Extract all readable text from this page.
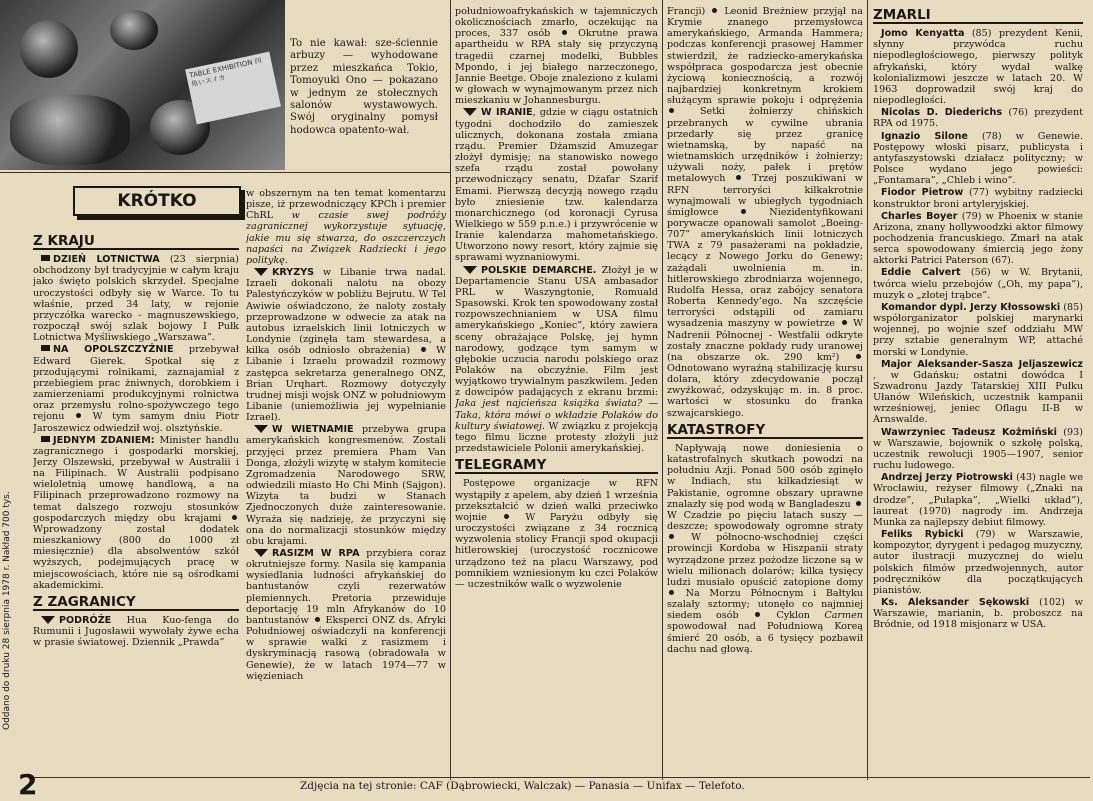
TABLE EXHIBITION 四角いスイカ
To nie kawał: sze-ściennie arbuzy — wyhodowane przez mieszkańca Tokio, Tomoyuki Ono — pokazano w jednym ze stołecznych salonów wystawowych. Swój oryginalny pomysł hodowca opatento-wał.
KRÓTKO
Z KRAJU

DZIEŃ LOTNICTWA (23 sierpnia) obchodzony był tradycyjnie w całym kraju jako święto polskich skrzydeł. Specjalne uroczystości odbyły się w Warce. To tu właśnie, przed 34 laty, w rejonie przyczółka warecko - magnuszewskiego, rozpoczął swój szlak bojowy I Pułk Lotnictwa Myśliwskiego „Warszawa”.

NA OPOLSZCZYŹNIE przebywał Edward Gierek. Spotkał się z przodującymi rolnikami, zaznajamiał z przebiegiem prac żniwnych, dorobkiem i zamierzeniami produkcyjnymi rolnictwa oraz przemysłu rolno-spożywczego tego rejonu	W tym samym dniu Piotr Jaroszewicz odwiedził woj. olsztyńskie.

JEDNYM ZDANIEM: Minister handlu zagranicznego i gospodarki morskiej, Jerzy Olszewski, przebywał w Australii i na Filipinach. W Australii podpisano wieloletnią umowę handlową, a na Filipinach przeprowadzono rozmowy na temat dalszego rozwoju stosunków gospodarczych między obu krajami  Wprowadzony został dodatek mieszkaniowy (800 do 1000 zł miesięcznie) dla absolwentów szkół wyższych, podejmujących pracę w miejscowościach, które nie są ośrodkami akademickimi.

Z ZAGRANICY

PODRÓŻE Hua Kuo-fenga do Rumunii i Jugosławii wywołały żywe echa w prasie światowej. Dziennik „Prawda”

w obszernym na ten temat komentarzu pisze, iż przewodniczący KPCh i premier ChRL w czasie swej podróży zagranicznej wykorzystuje sytuację, jakie mu się stwarza, do oszczerczych napaści na Związek Radziecki i jego politykę.

KRYZYS w Libanie trwa nadal. Izraeli dokonali nalotu na obozy Palestyńczyków w pobliżu Bejrutu. W Tel Awiwie oświadczono, że naloty zostały przeprowadzone w odwecie za atak na autobus izraelskich linii lotniczych w Londynie (zginęła tam stewardesa, a kilka osób odniosło obrażenia)	W Libanie i Izraelu prowadził rozmowy zastępca sekretarza generalnego ONZ, Brian Urqhart. Rozmowy dotyczyły trudnej misji wojsk ONZ w południowym Libanie (uniemożliwia jej wypełnianie Izrael).

W WIETNAMIE przebywa grupa amerykańskich kongresmenów. Zostali przyjęci przez premiera Pham Van Donga, złożyli wizytę w stałym komitecie Zgromadzenia Narodowego SRW, odwiedzili miasto Ho Chi Minh (Sajgon). Wizyta ta budzi w Stanach Zjednoczonych duże zainteresowanie. Wyraża się nadzieję, że przyczyni się ona do normalizacji stosunków między obu krajami.

RASIZM W RPA przybiera coraz okrutniejsze formy. Nasila się kampania wysiedlania ludności afrykańskiej do bantustanów czyli rezerwatów plemiennych. Pretoria przewiduje deportację 19 mln Afrykanów do 10 bantustanów Eksperci ONZ ds. Afryki Południowej oświadczyli na konferencji w sprawie walki z rasizmem i dyskryminacją rasową (obradowała w Genewie), że w latach 1974—77 w więzieniach

południowoafrykańskich w tajemniczych okolicznościach zmarło, oczekując na proces, 337 osób	Okrutne prawa apartheidu w RPA stały się przyczyną tragedii czarnej modelki, Bubbles Mpondo, i jej białego narzeczonego, Jannie Beetge. Oboje znaleziono z kulami w głowach w wynajmowanym przez nich mieszkaniu w Johannesburgu.

W IRANIE, gdzie w ciągu ostatnich tygodni dochodziło do zamieszek ulicznych, dokonana została zmiana rządu. Premier Dżamszid Amuzegar złożył dymisję; na stanowisko nowego szefa rządu został powołany przewodniczący senatu, Dżafar Szarif Emami. Pierwszą decyzją nowego rządu było zniesienie tzw. kalendarza monarchicznego (od koronacji Cyrusa Wielkiego w 559 p.n.e.) i przywrócenie w Iranie kalendarza mahometańskiego. Utworzono nowy resort, który zajmie się sprawami wyznaniowymi.

POLSKIE DEMARCHE. Złożył je w Departamencie Stanu USA ambasador PRL w Waszyngtonie, Romuald Spasowski. Krok ten spowodowany został rozpowszechnianiem w USA filmu amerykańskiego „Koniec”, który zawiera sceny obrażające Polskę, jej hymn narodowy, godzące tym samym w głębokie uczucia narodu polskiego oraz Polaków na obczyźnie. Film jest wyjątkowo trywialnym paszkwilem. Jeden z dowcipów padających z ekranu brzmi: Jaka jest najcieńsza książka świata? — Taka, która mówi o wkładzie Polaków do kultury światowej. W związku z projekcją tego filmu liczne protesty złożyli już przedstawiciele Polonii amerykańskiej.

TELEGRAMY

Postępowe organizacje w RFN wystąpiły z apelem, aby dzień 1 września przekształcić w dzień walki przeciwko wojnie	W Paryżu odbyły się uroczystości związane z 34 rocznicą wyzwolenia stolicy Francji spod okupacji hitlerowskiej (uroczystość rocznicowe urządzono też na placu Warszawy, pod pomnikiem wzniesionym ku czci Polaków — uczestników walk o wyzwolenie

Francji) Leonid Breżniew przyjął na Krymie znanego przemysłowca amerykańskiego, Armanda Hammera; podczas konferencji prasowej Hammer stwierdził, że radziecko-amerykańska współpraca gospodarcza jest obecnie życiową koniecznością, a rozwój najbardziej konkretnym krokiem służącym sprawie pokoju i odprężenia  Setki żołnierzy chińskich przebranych w cywilne ubrania przedarły się przez granicę wietnamską, by napaść na wietnamskich urzędników i żołnierzy; używali noży, pałek i prętów metalowych	Trzej poszukiwani w RFN terroryści kilkakrotnie wynajmowali w ubiegłych tygodniach śmigłowce	Niezidentyfikowani porywacze opanowali samolot „Boeing-707” amerykańskich linii lotniczych TWA z 79 pasażerami na pokładzie, lecący z Nowego Jorku do Genewy; zażądali uwolnienia m. in. hitlerowskiego zbrodniarza wojennego, Rudolfa Hessa, oraz zabójcy senatora Roberta Kennedy’ego. Na szczęście terroryści odstąpili od zamiaru wysadzenia maszyny w powietrze W Nadrenii Północnej - Westfalii odkryte zostały znaczne pokłady rudy uranowej (na obszarze ok. 290 km²)  Odnotowano wyraźną stabilizację kursu dolara, który zdecydowanie począł zwyżkować, odzyskując m. in. 8 proc. wartości w stosunku do franka szwajcarskiego.

KATASTROFY

Napływają nowe doniesienia o katastrofalnych skutkach powodzi na południu Azji. Ponad 500 osób zginęło w Indiach, stu kilkadziesiąt w Pakistanie, ogromne obszary uprawne znalazły się pod wodą w Bangladeszu  W Czadzie po pięciu latach suszy — deszcze; spowodowały ogromne straty  W północno-wschodniej części prowincji Kordoba w Hiszpanii straty wyrządzone przez pożodze liczone są w wielu milionach dolarów; kilka tysięcy ludzi musiało opuścić zatopione domy  Na Morzu Północnym i Bałtyku szalały sztormy; utonęło co najmniej siedem osób	Cyklon Carmen spowodował nad Południową Koreą śmierć 20 osób, a 6 tysięcy pozbawił dachu nad głową.

ZMARLI

Jomo Kenyatta (85) prezydent Kenii, słynny przywódca ruchu niepodległościowego, pierwszy polityk afrykański, który wydał walkę kolonializmowi jeszcze w latach 20. W 1963 doprowadził swój kraj do niepodległości.

Nicolas D. Diederichs (76) prezydent RPA od 1975.

Ignazio Silone (78) w Genewie. Postępowy włoski pisarz, publicysta i antyfaszystowski działacz polityczny; w Polsce wydano jego powieści: „Fontamara”, „Chleb i wino”.

Fiodor Pietrow (77) wybitny radziecki konstruktor broni artyleryjskiej.

Charles Boyer (79) w Phoenix w stanie Arizona, znany hollywoodzki aktor filmowy pochodzenia francuskiego. Zmarł na atak serca spowodowany śmiercią jego żony aktorki Patrici Paterson (67).

Eddie Calvert (56) w W. Brytanii, twórca wielu przebojów („Oh, my papa”), muzyk o „złotej trąbce”.

Komandor dypl. Jerzy Kłossowski (85) współorganizator polskiej marynarki wojennej, po wojnie szef oddziału MW przy sztabie generalnym WP, attaché morski w Londynie.

Major Aleksander-Sasza Jeljaszewicz , w Gdańsku; ostatni dowódca I Szwadronu Jazdy Tatarskiej XIII Pułku Ułanów Wileńskich, uczestnik kampanii wrześniowej, jeniec Oflagu II-B w Arnswalde.

Wawrzyniec Tadeusz Kożmiński (93) w Warszawie, bojownik o szkołę polską, uczestnik rewolucji 1905—1907, senior ruchu ludowego.

Andrzej Jerzy Piotrowski (43) nagle we Wrocławiu, reżyser filmowy („Znaki na drodze”, „Pułapka”, „Wielki układ”), laureat (1970) nagrody im. Andrzeja Munka za najlepszy debiut filmowy.

Feliks Rybicki (79) w Warszawie, kompozytor, dyrygent i pedagog muzyczny, autor ilustracji muzycznej do wielu polskich filmów przedwojennych, autor podręczników dla początkujących pianistów.

Ks. Aleksander Sękowski (102) w Warszawie, marianin, b. proboszcz na Bródnie, od 1918 misjonarz w USA.

Oddano do druku 28 sierpnia 1978 r. Nakład 700 tys.
2	Zdjęcia na tej stronie: CAF (Dąbrowiecki, Walczak) — Panasia — Unifax — Telefoto.
